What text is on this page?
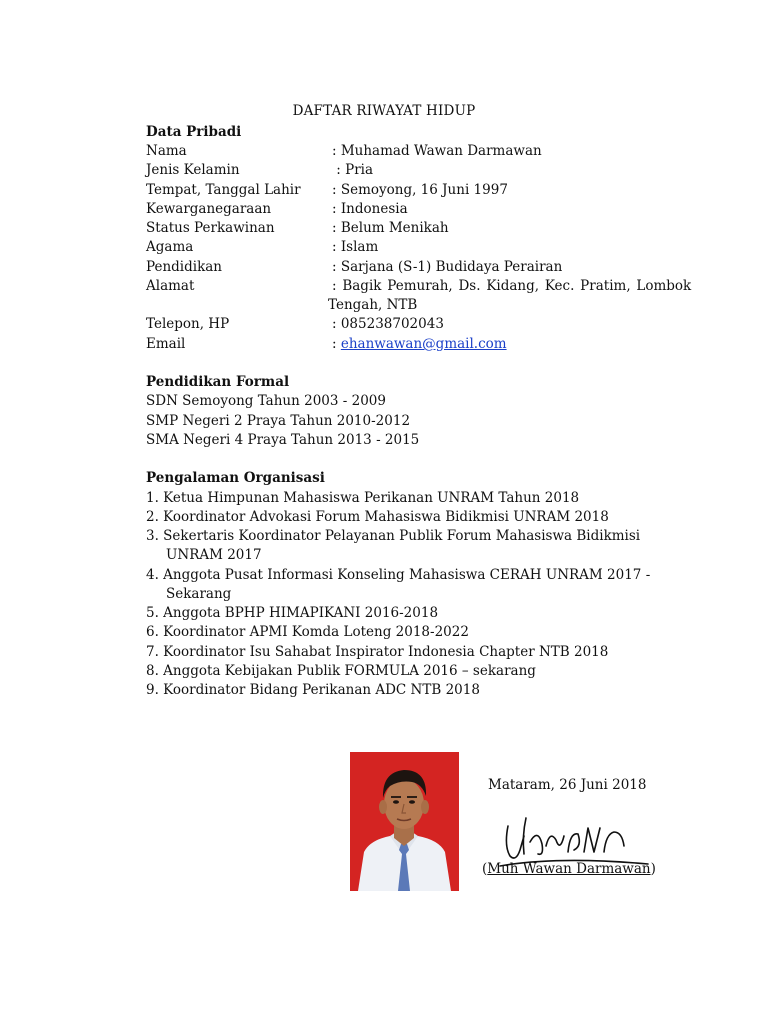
DAFTAR RIWAYAT HIDUP
Data Pribadi
Nama	: Muhamad Wawan Darmawan
Jenis Kelamin	: Pria
Tempat, Tanggal Lahir : Semoyong, 16 Juni 1997
Kewarganegaraan	: Indonesia
Status Perkawinan	: Belum Menikah
Agama	: Islam
Pendidikan	: Sarjana (S-1) Budidaya Perairan
Alamat	: Bagik Pemurah, Ds. Kidang, Kec. Pratim, Lombok
Tengah, NTB
Telepon, HP	: 085238702043
Email	: ehanwawan@gmail.com
Pendidikan Formal
SDN Semoyong Tahun 2003 - 2009
SMP Negeri 2 Praya Tahun 2010-2012
SMA Negeri 4 Praya Tahun 2013 - 2015
Pengalaman Organisasi
1. Ketua Himpunan Mahasiswa Perikanan UNRAM Tahun 2018
2. Koordinator Advokasi Forum Mahasiswa Bidikmisi UNRAM 2018
3. Sekertaris Koordinator Pelayanan Publik Forum Mahasiswa Bidikmisi
UNRAM 2017
4. Anggota Pusat Informasi Konseling Mahasiswa CERAH UNRAM 2017 -
Sekarang
5. Anggota BPHP HIMAPIKANI 2016-2018
6. Koordinator APMI Komda Loteng 2018-2022
7. Koordinator Isu Sahabat Inspirator Indonesia Chapter NTB 2018
8. Anggota Kebijakan Publik FORMULA 2016 – sekarang
9. Koordinator Bidang Perikanan ADC NTB 2018
Mataram, 26 Juni 2018
(Muh Wawan Darmawan)
